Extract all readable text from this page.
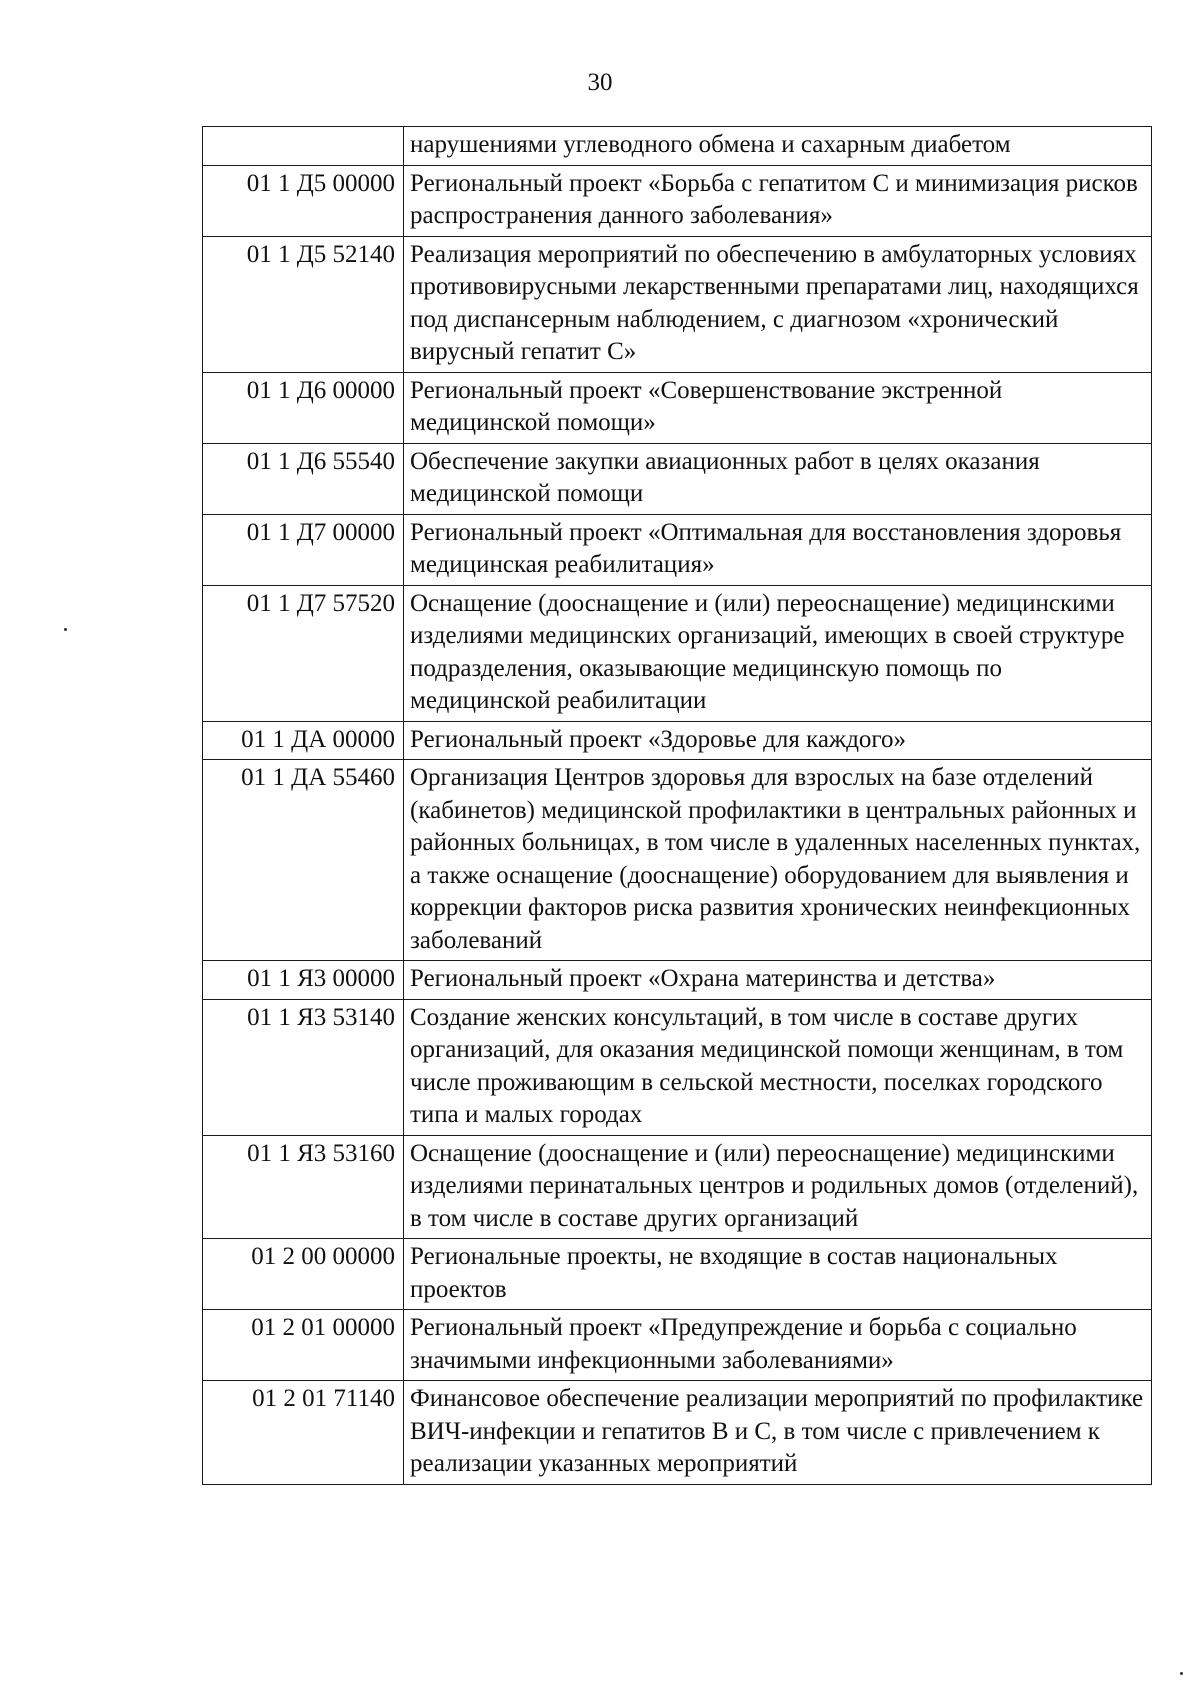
30
	нарушениями углеводного обмена и сахарным диабетом
01 1 Д5 00000	Региональный проект «Борьба с гепатитом С и минимизация рисков распространения данного заболевания»
01 1 Д5 52140	Реализация мероприятий по обеспечению в амбулаторных условиях противовирусными лекарственными препаратами лиц, находящихся под диспансерным наблюдением, с диагнозом «хронический вирусный гепатит С»
01 1 Д6 00000	Региональный проект «Совершенствование экстренной медицинской помощи»
01 1 Д6 55540	Обеспечение закупки авиационных работ в целях оказания медицинской помощи
01 1 Д7 00000	Региональный проект «Оптимальная для восстановления здоровья медицинская реабилитация»
01 1 Д7 57520	Оснащение (дооснащение и (или) переоснащение) медицинскими изделиями медицинских организаций, имеющих в своей структуре подразделения, оказывающие медицинскую помощь по медицинской реабилитации
01 1 ДА 00000	Региональный проект «Здоровье для каждого»
01 1 ДА 55460	Организация Центров здоровья для взрослых на базе отделений (кабинетов) медицинской профилактики в центральных районных и районных больницах, в том числе в удаленных населенных пунктах, а также оснащение (дооснащение) оборудованием для выявления и коррекции факторов риска развития хронических неинфекционных заболеваний
01 1 Я3 00000	Региональный проект «Охрана материнства и детства»
01 1 Я3 53140	Создание женских консультаций, в том числе в составе других организаций, для оказания медицинской помощи женщинам, в том числе проживающим в сельской местности, поселках городского типа и малых городах
01 1 Я3 53160	Оснащение (дооснащение и (или) переоснащение) медицинскими изделиями перинатальных центров и родильных домов (отделений), в том числе в составе других организаций
01 2 00 00000	Региональные проекты, не входящие в состав национальных проектов
01 2 01 00000	Региональный проект «Предупреждение и борьба с социально значимыми инфекционными заболеваниями»
01 2 01 71140	Финансовое обеспечение реализации мероприятий по профилактике ВИЧ-инфекции и гепатитов В и С, в том числе с привлечением к реализации указанных мероприятий
